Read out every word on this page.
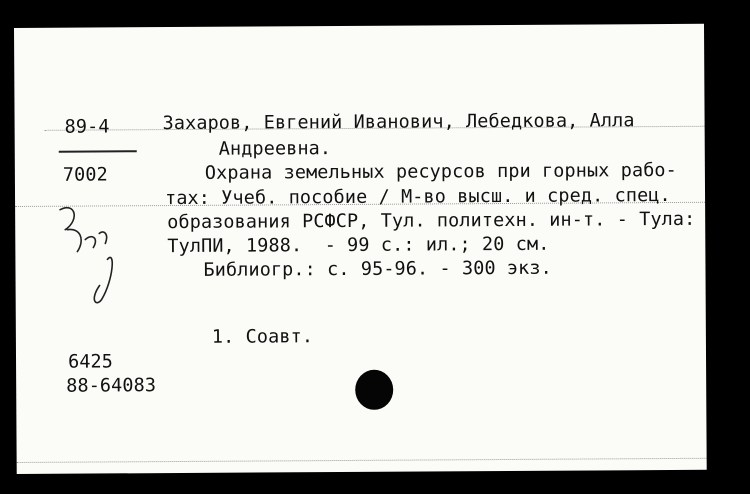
89-4
7002
Захаров, Евгений Иванович, Лебедкова, Алла
Андреевна.
Охрана земельных ресурсов при горных рабо-
тах: Учеб. пособие / М-во высш. и сред. спец.
образования РСФСР, Тул. политехн. ин-т. - Тула:
ТулПИ, 1988.  - 99 с.: ил.; 20 см.
Библиогр.: с. 95-96. - 300 экз.
1. Соавт.
6425
88-64083
